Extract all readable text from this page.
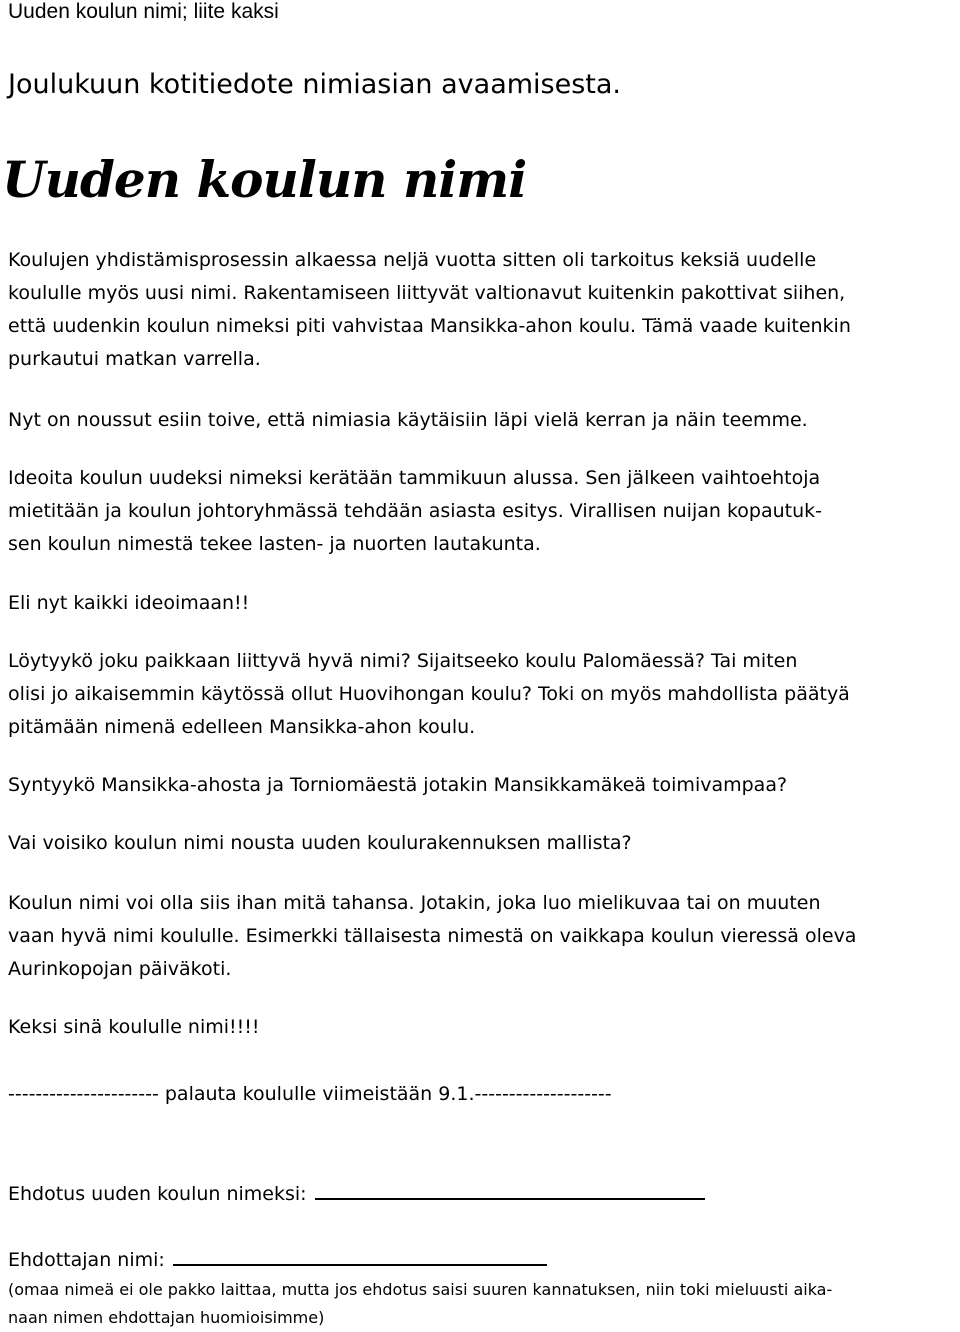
Uuden koulun nimi; liite kaksi
Joulukuun kotitiedote nimiasian avaamisesta.
Uuden koulun nimi
Koulujen yhdistämisprosessin alkaessa neljä vuotta sitten oli tarkoitus keksiä uudelle
koululle myös uusi nimi. Rakentamiseen liittyvät valtionavut kuitenkin pakottivat siihen,
että uudenkin koulun nimeksi piti vahvistaa Mansikka-ahon koulu. Tämä vaade kuitenkin
purkautui matkan varrella.
Nyt on noussut esiin toive, että nimiasia käytäisiin läpi vielä kerran ja näin teemme.
Ideoita koulun uudeksi nimeksi kerätään tammikuun alussa. Sen jälkeen vaihtoehtoja
mietitään ja koulun johtoryhmässä tehdään asiasta esitys. Virallisen nuijan kopautuk-
sen koulun nimestä tekee lasten- ja nuorten lautakunta.
Eli nyt kaikki ideoimaan!!
Löytyykö joku paikkaan liittyvä hyvä nimi? Sijaitseeko koulu Palomäessä? Tai miten
olisi jo aikaisemmin käytössä ollut Huovihongan koulu? Toki on myös mahdollista päätyä
pitämään nimenä edelleen Mansikka-ahon koulu.
Syntyykö Mansikka-ahosta ja Torniomäestä jotakin Mansikkamäkeä toimivampaa?
Vai voisiko koulun nimi nousta uuden koulurakennuksen mallista?
Koulun nimi voi olla siis ihan mitä tahansa. Jotakin, joka luo mielikuvaa tai on muuten
vaan hyvä nimi koululle. Esimerkki tällaisesta nimestä on vaikkapa koulun vieressä oleva
Aurinkopojan päiväkoti.
Keksi sinä koululle nimi!!!!
---------------------- palauta koululle viimeistään 9.1.--------------------
Ehdotus uuden koulun nimeksi:
Ehdottajan nimi:
(omaa nimeä ei ole pakko laittaa, mutta jos ehdotus saisi suuren kannatuksen, niin toki mieluusti aika-
naan nimen ehdottajan huomioisimme)
